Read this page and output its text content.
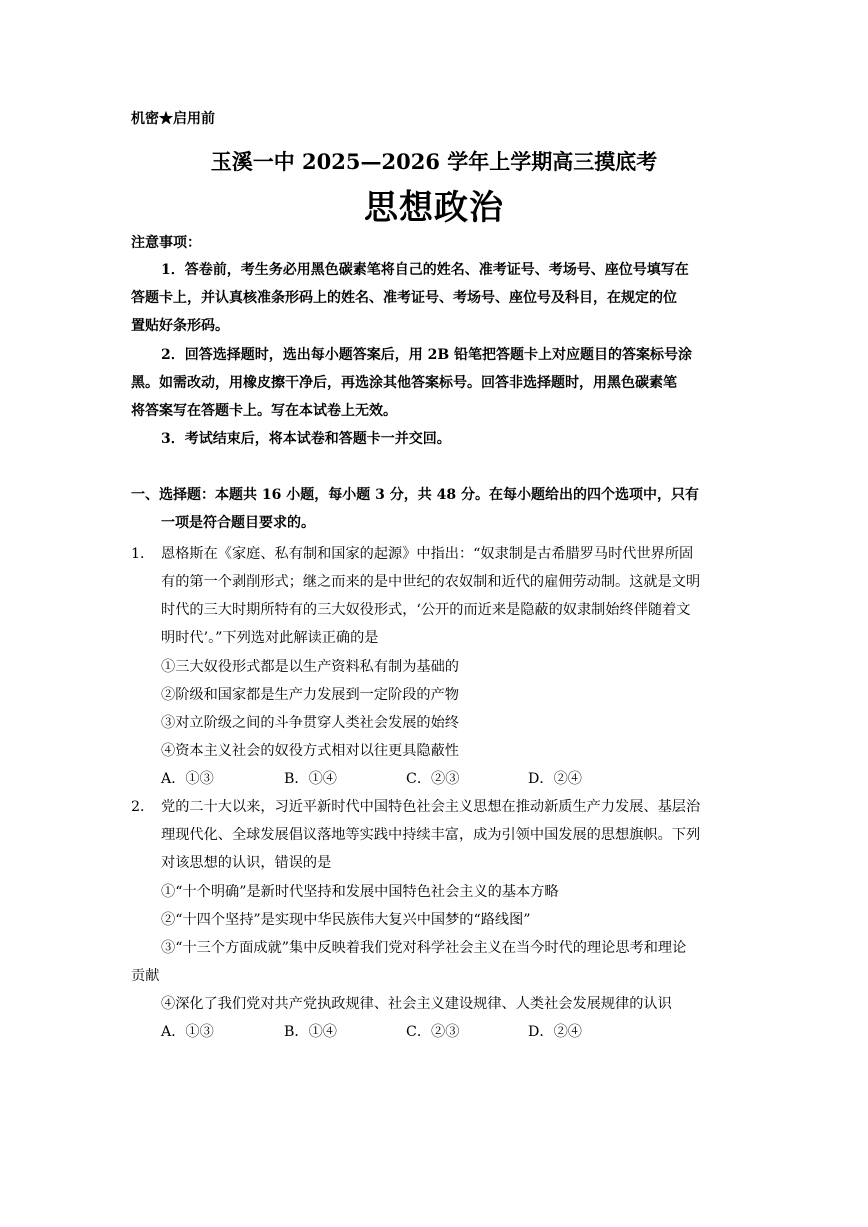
机密★启用前
玉溪一中 2025—2026 学年上学期高三摸底考
思想政治
注意事项：
1．答卷前，考生务必用黑色碳素笔将自己的姓名、准考证号、考场号、座位号填写在
答题卡上，并认真核准条形码上的姓名、准考证号、考场号、座位号及科目，在规定的位
置贴好条形码。
2．回答选择题时，选出每小题答案后，用 2B 铅笔把答题卡上对应题目的答案标号涂
黑。如需改动，用橡皮擦干净后，再选涂其他答案标号。回答非选择题时，用黑色碳素笔
将答案写在答题卡上。写在本试卷上无效。
3．考试结束后，将本试卷和答题卡一并交回。
一、选择题：本题共 16 小题，每小题 3 分，共 48 分。在每小题给出的四个选项中，只有
一项是符合题目要求的。
1． 恩格斯在《家庭、私有制和国家的起源》中指出：“奴隶制是古希腊罗马时代世界所固
有的第一个剥削形式；继之而来的是中世纪的农奴制和近代的雇佣劳动制。这就是文明
时代的三大时期所特有的三大奴役形式，‘公开的而近来是隐蔽的奴隶制始终伴随着文
明时代’。”下列选对此解读正确的是
①三大奴役形式都是以生产资料私有制为基础的
②阶级和国家都是生产力发展到一定阶段的产物
③对立阶级之间的斗争贯穿人类社会发展的始终
④资本主义社会的奴役方式相对以往更具隐蔽性
A．①③	B．①④	C．②③	D．②④
2． 党的二十大以来，习近平新时代中国特色社会主义思想在推动新质生产力发展、基层治
理现代化、全球发展倡议落地等实践中持续丰富，成为引领中国发展的思想旗帜。下列
对该思想的认识，错误的是
①“十个明确”是新时代坚持和发展中国特色社会主义的基本方略
②“十四个坚持”是实现中华民族伟大复兴中国梦的“路线图”
③“十三个方面成就”集中反映着我们党对科学社会主义在当今时代的理论思考和理论
贡献
④深化了我们党对共产党执政规律、社会主义建设规律、人类社会发展规律的认识
A．①③	B．①④	C．②③	D．②④
